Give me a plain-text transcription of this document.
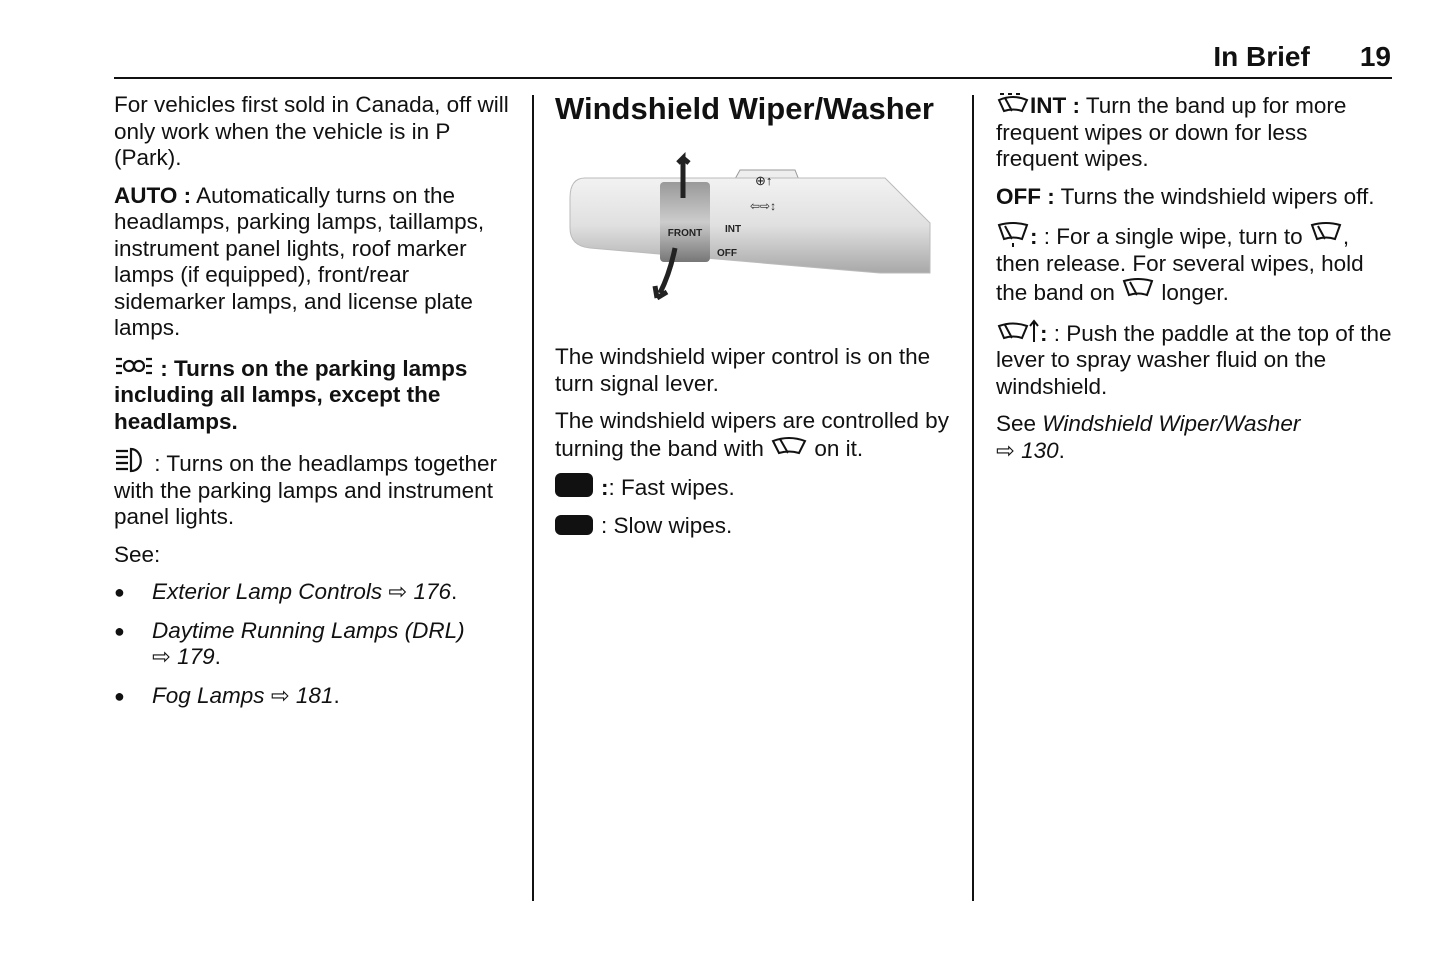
In Brief 19

For vehicles first sold in Canada, off will only work when the vehicle is in P (Park).

AUTO : Automatically turns on the headlamps, parking lamps, taillamps, instrument panel lights, roof marker lamps (if equipped), front/rear sidemarker lamps, and license plate lamps.

: Turns on the parking lamps including all lamps, except the headlamps.

: Turns on the headlamps together with the parking lamps and instrument panel lights.

See:

● Exterior Lamp Controls ⇨ 176.
● Daytime Running Lamps (DRL)
⇨ 179.
● Fog Lamps ⇨ 181.
Windshield Wiper/Washer
FRONT INT
OFF
⊕↑
⇦⇨↕

The windshield wiper control is on the turn signal lever.

The windshield wipers are controlled by turning the band with  on it.

:: Fast wipes.

: Slow wipes.

INT : Turn the band up for more frequent wipes or down for less frequent wipes.

OFF : Turns the windshield wipers off.

: : For a single wipe, turn to , then release. For several wipes, hold the band on  longer.

: : Push the paddle at the top of the lever to spray washer fluid on the windshield.

See Windshield Wiper/Washer
⇨ 130.
